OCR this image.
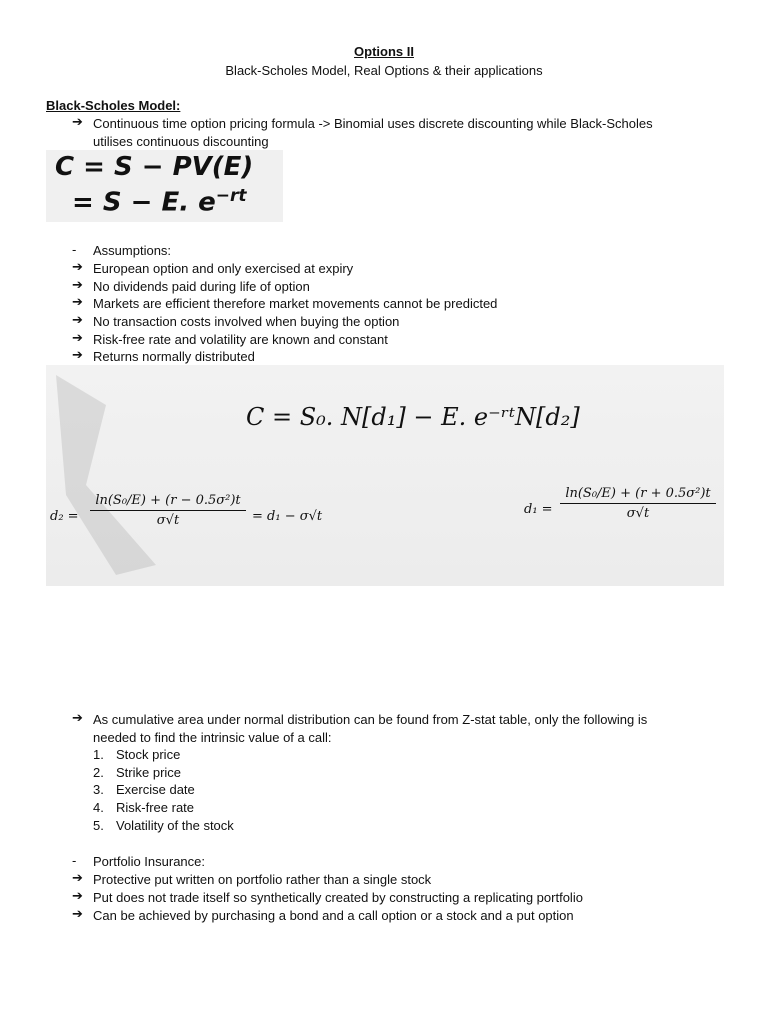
Options II
Black-Scholes Model, Real Options & their applications
Black-Scholes Model:
➔ Continuous time option pricing formula -> Binomial uses discrete discounting while Black-Scholes
utilises continuous discounting
C = S − PV(E)
= S − E. $e^{-rt}$
- Assumptions:
➔ European option and only exercised at expiry
➔ No dividends paid during life of option
➔ Markets are efficient therefore market movements cannot be predicted
➔ No transaction costs involved when buying the option
➔ Risk-free rate and volatility are known and constant
➔ Returns normally distributed
C = S₀. N[d₁] − E. e⁻ʳᵗN[d₂]
$d_2 = \frac{\text{ln(S₀/E) + (r − 0.5σ²)t}}{\sigma√t} = d_1 - \sigma√t$	$d_1 = \frac{\text{ln(S₀/E) + (r + 0.5σ²)t}}{\sigma√t}$
➔ As cumulative area under normal distribution can be found from Z-stat table, only the following is
needed to find the intrinsic value of a call:
1. Stock price
2. Strike price
3. Exercise date
4. Risk-free rate
5. Volatility of the stock
- Portfolio Insurance:
➔ Protective put written on portfolio rather than a single stock
➔ Put does not trade itself so synthetically created by constructing a replicating portfolio
➔ Can be achieved by purchasing a bond and a call option or a stock and a put option
